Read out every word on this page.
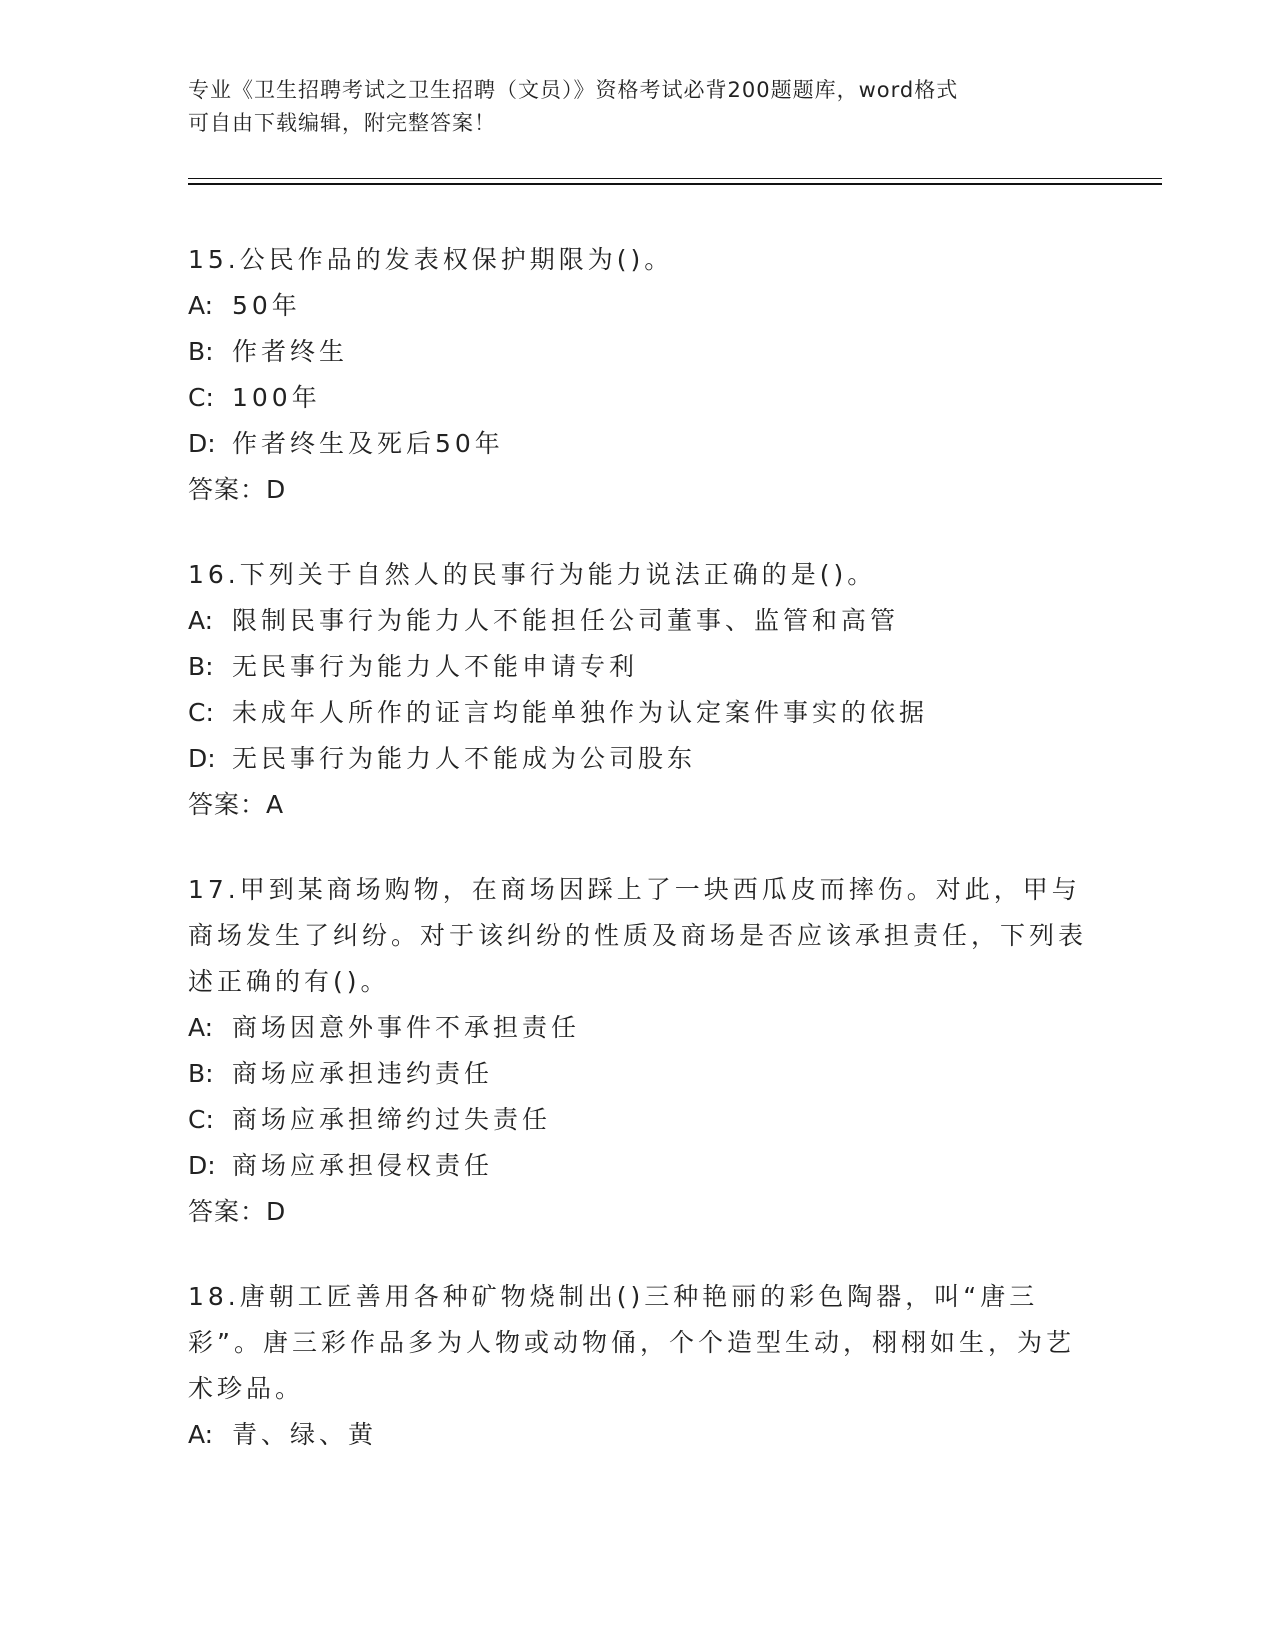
专业《卫生招聘考试之卫生招聘（文员）》资格考试必背200题题库，word格式
可自由下载编辑，附完整答案！

15.公民作品的发表权保护期限为()。

A: 50年
B: 作者终生
C: 100年
D: 作者终生及死后50年

答案：D

16.下列关于自然人的民事行为能力说法正确的是()。

A: 限制民事行为能力人不能担任公司董事、监管和高管
B: 无民事行为能力人不能申请专利
C: 未成年人所作的证言均能单独作为认定案件事实的依据
D: 无民事行为能力人不能成为公司股东

答案：A

17.甲到某商场购物，在商场因踩上了一块西瓜皮而摔伤。对此，甲与商场发生了纠纷。对于该纠纷的性质及商场是否应该承担责任，下列表述正确的有()。

A: 商场因意外事件不承担责任
B: 商场应承担违约责任
C: 商场应承担缔约过失责任
D: 商场应承担侵权责任

答案：D

18.唐朝工匠善用各种矿物烧制出()三种艳丽的彩色陶器，叫“唐三彩”。唐三彩作品多为人物或动物俑，个个造型生动，栩栩如生，为艺术珍品。

A: 青、绿、黄
